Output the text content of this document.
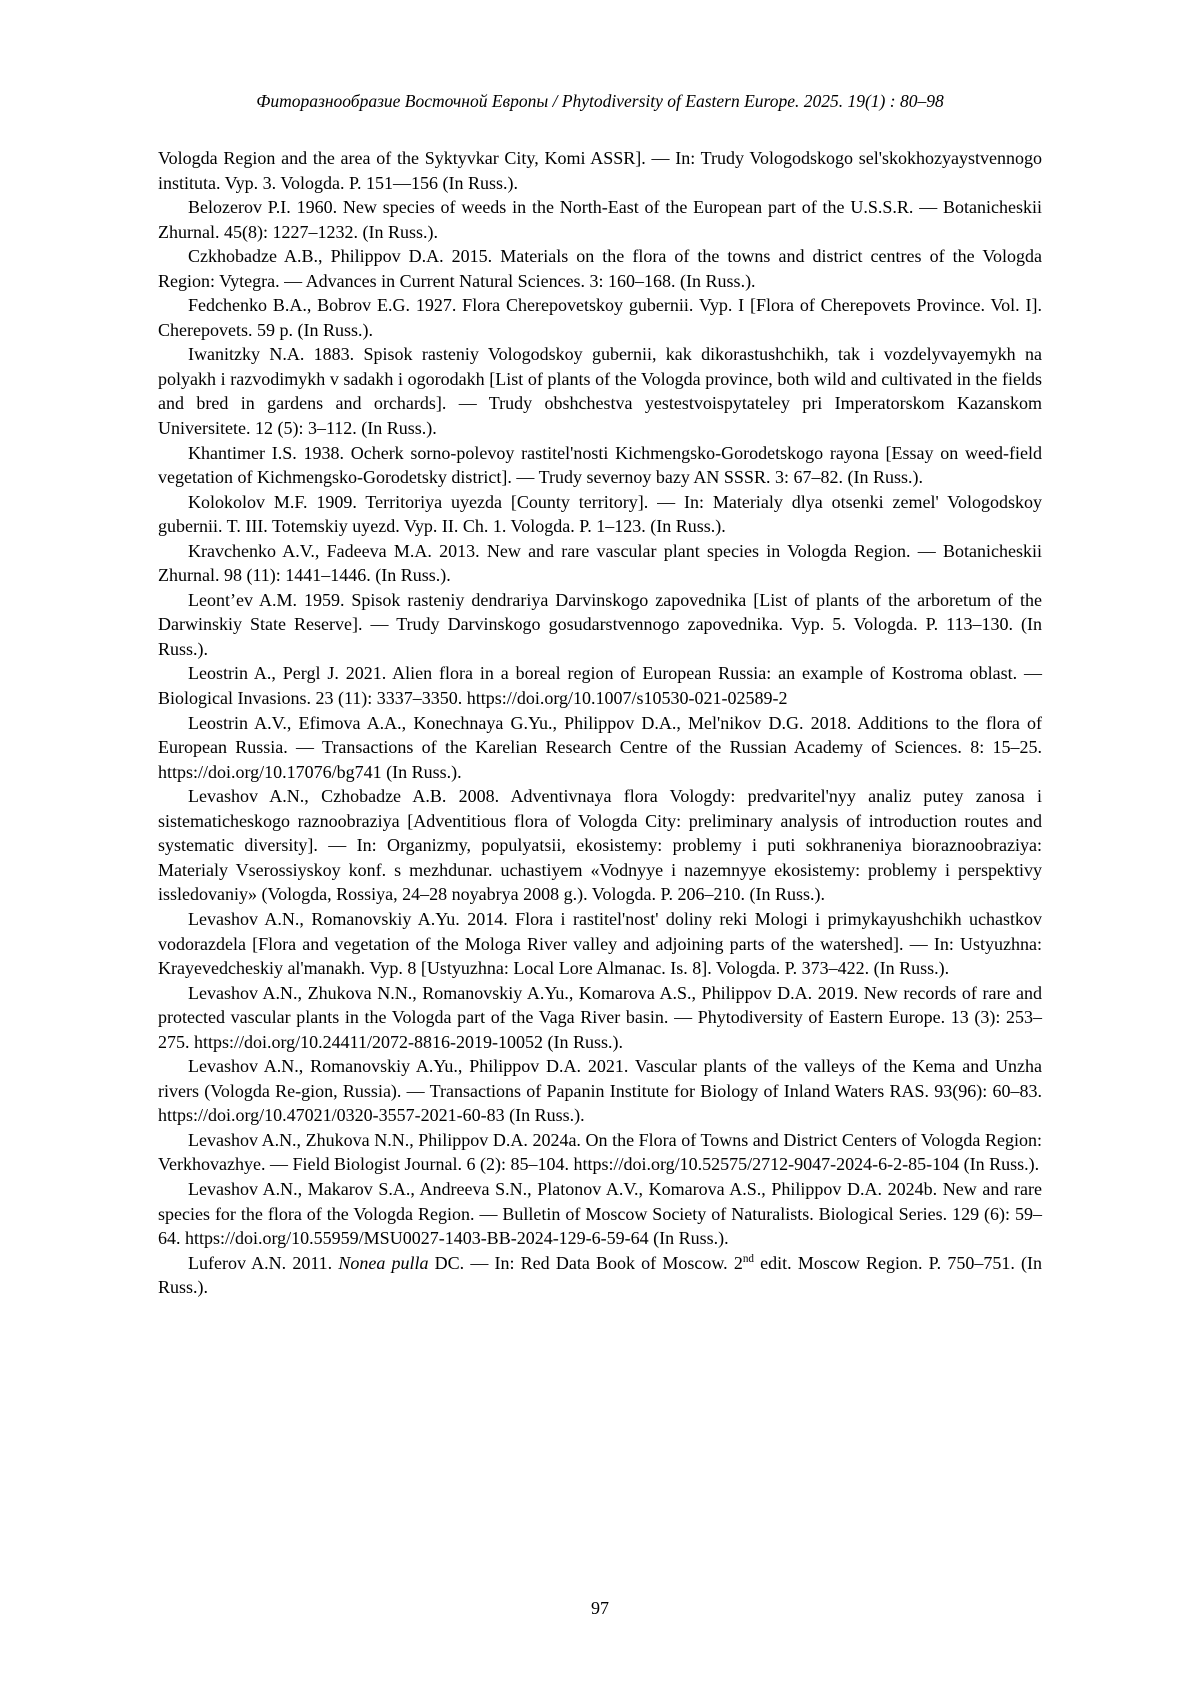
Фиторазнообразие Восточной Европы / Phytodiversity of Eastern Europe. 2025. 19(1) : 80–98

Vologda Region and the area of the Syktyvkar City, Komi ASSR]. — In: Trudy Vologodskogo sel'skokhozyaystvennogo instituta. Vyp. 3. Vologda. P. 151—156 (In Russ.).

Belozerov P.I. 1960. New species of weeds in the North-East of the European part of the U.S.S.R. — Botanicheskii Zhurnal. 45(8): 1227–1232. (In Russ.).

Czkhobadze A.B., Philippov D.A. 2015. Materials on the flora of the towns and district centres of the Vologda Region: Vytegra. — Advances in Current Natural Sciences. 3: 160–168. (In Russ.).

Fedchenko B.A., Bobrov E.G. 1927. Flora Cherepovetskoy gubernii. Vyp. I [Flora of Cherepovets Province. Vol. I]. Cherepovets. 59 p. (In Russ.).

Iwanitzky N.A. 1883. Spisok rasteniy Vologodskoy gubernii, kak dikorastushchikh, tak i vozdelyvayemykh na polyakh i razvodimykh v sadakh i ogorodakh [List of plants of the Vologda province, both wild and cultivated in the fields and bred in gardens and orchards]. — Trudy obshchestva yestestvoispytateley pri Imperatorskom Kazanskom Universitete. 12 (5): 3–112. (In Russ.).

Khantimer I.S. 1938. Ocherk sorno-polevoy rastitel'nosti Kichmengsko-Gorodetskogo rayona [Essay on weed-field vegetation of Kichmengsko-Gorodetsky district]. — Trudy severnoy bazy AN SSSR. 3: 67–82. (In Russ.).

Kolokolov M.F. 1909. Territoriya uyezda [County territory]. — In: Materialy dlya otsenki zemel' Vologodskoy gubernii. T. III. Totemskiy uyezd. Vyp. II. Ch. 1. Vologda. P. 1–123. (In Russ.).

Kravchenko A.V., Fadeeva M.A. 2013. New and rare vascular plant species in Vologda Region. — Botanicheskii Zhurnal. 98 (11): 1441–1446. (In Russ.).

Leont’ev A.M. 1959. Spisok rasteniy dendrariya Darvinskogo zapovednika [List of plants of the arboretum of the Darwinskiy State Reserve]. — Trudy Darvinskogo gosudarstvennogo zapovednika. Vyp. 5. Vologda. P. 113–130. (In Russ.).

Leostrin A., Pergl J. 2021. Alien flora in a boreal region of European Russia: an example of Kostroma oblast. — Biological Invasions. 23 (11): 3337–3350. https://doi.org/10.1007/s10530-021-02589-2

Leostrin A.V., Efimova A.A., Konechnaya G.Yu., Philippov D.A., Mel'nikov D.G. 2018. Additions to the flora of European Russia. — Transactions of the Karelian Research Centre of the Russian Academy of Sciences. 8: 15–25. https://doi.org/10.17076/bg741 (In Russ.).

Levashov A.N., Czhobadze A.B. 2008. Adventivnaya flora Vologdy: predvaritel'nyy analiz putey zanosa i sistematicheskogo raznoobraziya [Adventitious flora of Vologda City: preliminary analysis of introduction routes and systematic diversity]. — In: Organizmy, populyatsii, ekosistemy: problemy i puti sokhraneniya bioraznoobraziya: Materialy Vserossiyskoy konf. s mezhdunar. uchastiyem «Vodnyye i nazemnyye ekosistemy: problemy i perspektivy issledovaniy» (Vologda, Rossiya, 24–28 noyabrya 2008 g.). Vologda. P. 206–210. (In Russ.).

Levashov A.N., Romanovskiy A.Yu. 2014. Flora i rastitel'nost' doliny reki Mologi i primykayushchikh uchastkov vodorazdela [Flora and vegetation of the Mologa River valley and adjoining parts of the watershed]. — In: Ustyuzhna: Krayevedcheskiy al'manakh. Vyp. 8 [Ustyuzhna: Local Lore Almanac. Is. 8]. Vologda. P. 373–422. (In Russ.).

Levashov A.N., Zhukova N.N., Romanovskiy A.Yu., Komarova A.S., Philippov D.A. 2019. New records of rare and protected vascular plants in the Vologda part of the Vaga River basin. — Phytodiversity of Eastern Europe. 13 (3): 253–275. https://doi.org/10.24411/2072-8816-2019-10052 (In Russ.).

Levashov A.N., Romanovskiy A.Yu., Philippov D.A. 2021. Vascular plants of the valleys of the Kema and Unzha rivers (Vologda Re-gion, Russia). — Transactions of Papanin Institute for Biology of Inland Waters RAS. 93(96): 60–83. https://doi.org/10.47021/0320-3557-2021-60-83 (In Russ.).

Levashov A.N., Zhukova N.N., Philippov D.A. 2024a. On the Flora of Towns and District Centers of Vologda Region: Verkhovazhye. — Field Biologist Journal. 6 (2): 85–104. https://doi.org/10.52575/2712-9047-2024-6-2-85-104 (In Russ.).

Levashov A.N., Makarov S.A., Andreeva S.N., Platonov A.V., Komarova A.S., Philippov D.A. 2024b. New and rare species for the flora of the Vologda Region. — Bulletin of Moscow Society of Naturalists. Biological Series. 129 (6): 59–64. https://doi.org/10.55959/MSU0027-1403-BB-2024-129-6-59-64 (In Russ.).

Luferov A.N. 2011. Nonea pulla DC. — In: Red Data Book of Moscow. 2nd edit. Moscow Region. P. 750–751. (In Russ.).

97
